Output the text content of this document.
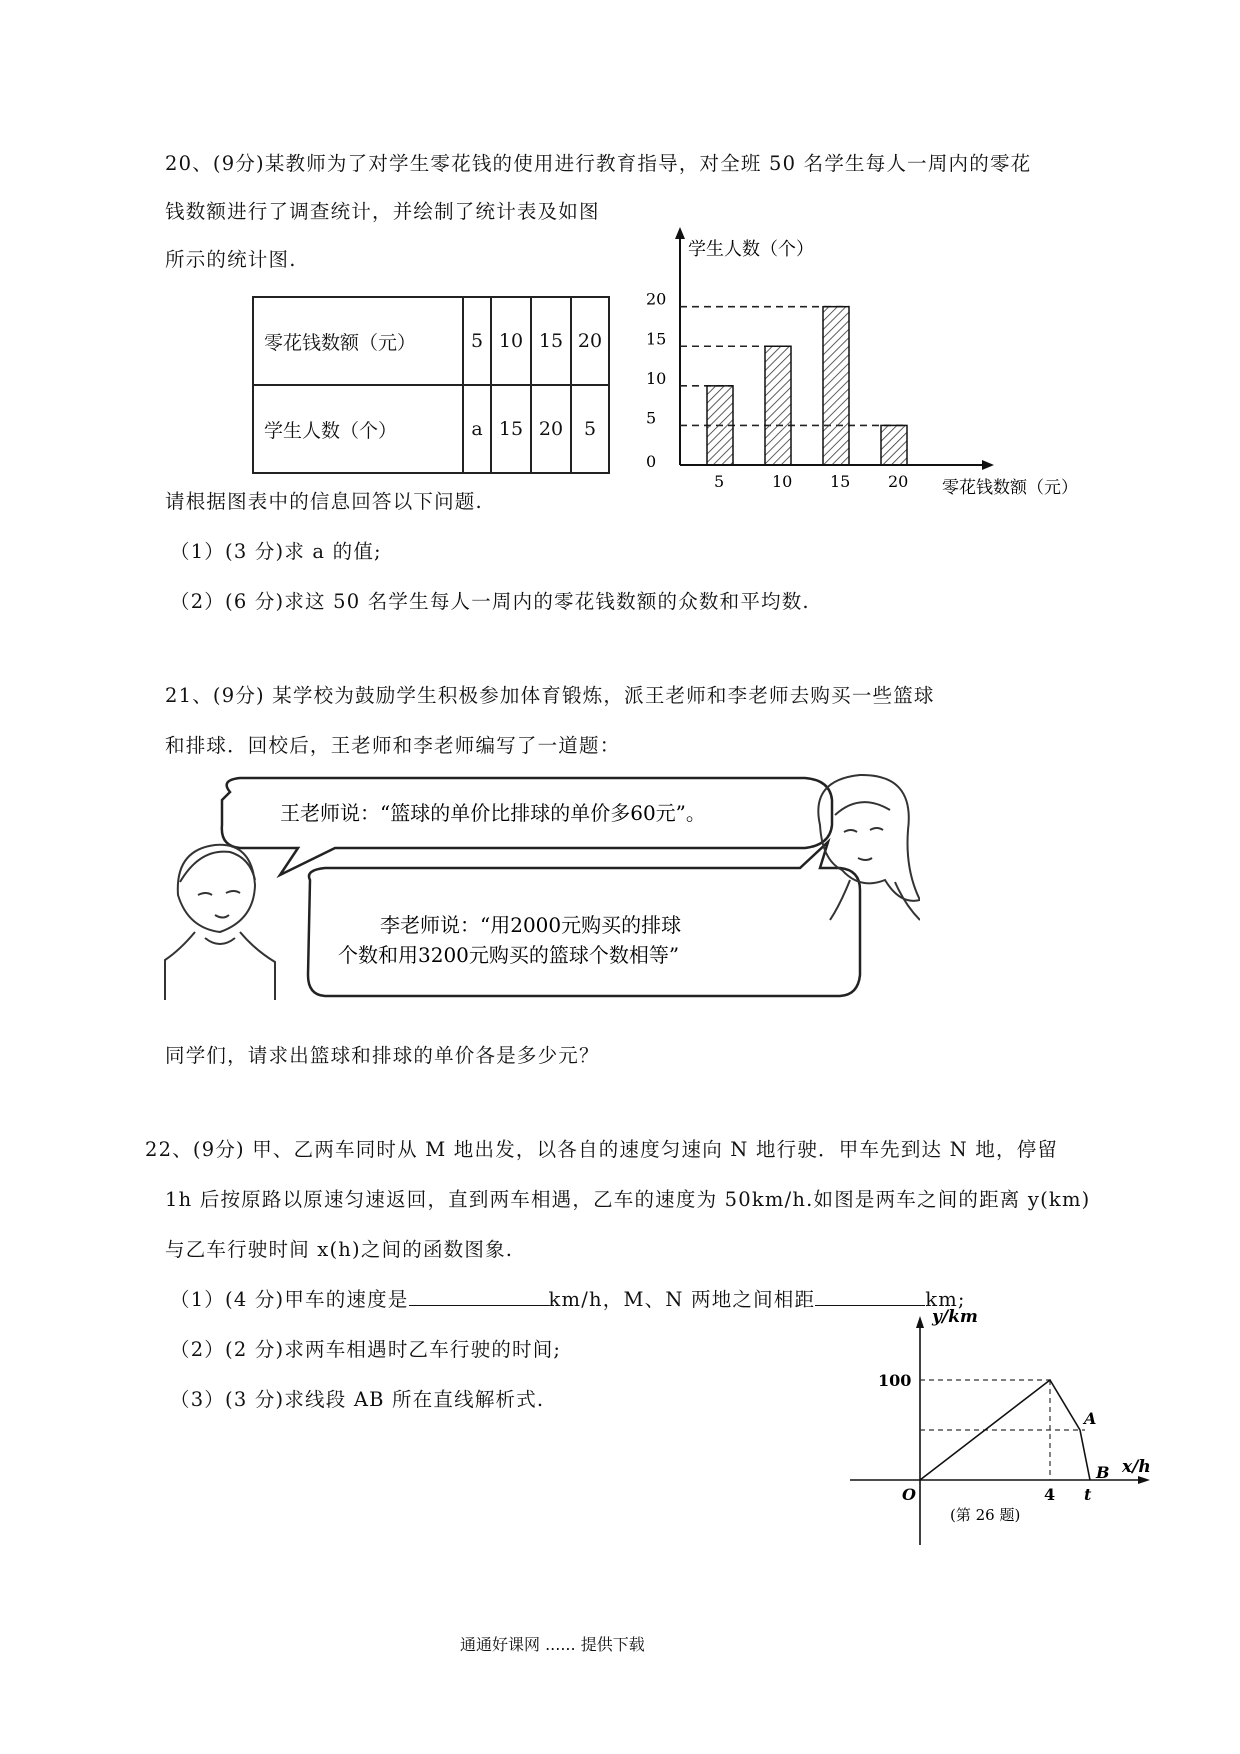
20、(9分)某教师为了对学生零花钱的使用进行教育指导，对全班 50 名学生每人一周内的零花
钱数额进行了调查统计，并绘制了统计表及如图
所示的统计图.
零花钱数额（元）	5	10	15	20
学生人数（个）	a	15	20	5
0
5
10
15
20
5	10 15 20
学生人数（个）
零花钱数额（元）
请根据图表中的信息回答以下问题.
（1）(3 分)求 a 的值;
（2）(6 分)求这 50 名学生每人一周内的零花钱数额的众数和平均数.
21、(9分) 某学校为鼓励学生积极参加体育锻炼，派王老师和李老师去购买一些篮球
和排球．回校后，王老师和李老师编写了一道题：
王老师说：“篮球的单价比排球的单价多60元”。
李老师说：“用2000元购买的排球
个数和用3200元购买的篮球个数相等”
同学们，请求出篮球和排球的单价各是多少元？
22、(9分) 甲、乙两车同时从 M 地出发，以各自的速度匀速向 N 地行驶．甲车先到达 N 地，停留
1h 后按原路以原速匀速返回，直到两车相遇，乙车的速度为 50km/h.如图是两车之间的距离 y(km)
与乙车行驶时间 x(h)之间的函数图象.
（1）(4 分)甲车的速度是	km/h，M、N 两地之间相距	km;
（2）(2 分)求两车相遇时乙车行驶的时间;
（3）(3 分)求线段 AB 所在直线解析式.
y/km
x/h
100
4 t
O
A
B
(第 26 题)
通通好课网 ...... 提供下载
